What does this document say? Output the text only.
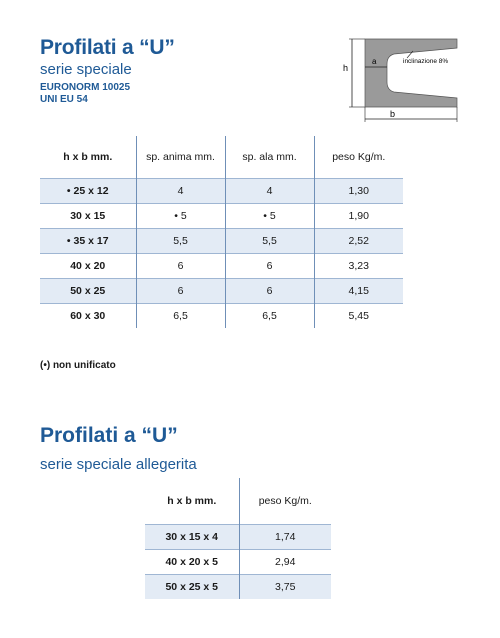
Profilati a “U”
serie speciale
EURONORM 10025
UNI EU 54
h
a	inclinazione 8%
b
h x b mm.	sp. anima mm.	sp. ala mm.	peso Kg/m.
• 25 x 12	4	4	1,30
30 x 15	• 5	• 5	1,90
• 35 x 17	5,5	5,5	2,52
40 x 20	6	6	3,23
50 x 25	6	6	4,15
60 x 30	6,5	6,5	5,45
(•) non unificato
Profilati a “U”
serie speciale allegerita
h x b mm.	peso Kg/m.
30 x 15 x 4	1,74
40 x 20 x 5	2,94
50 x 25 x 5	3,75
